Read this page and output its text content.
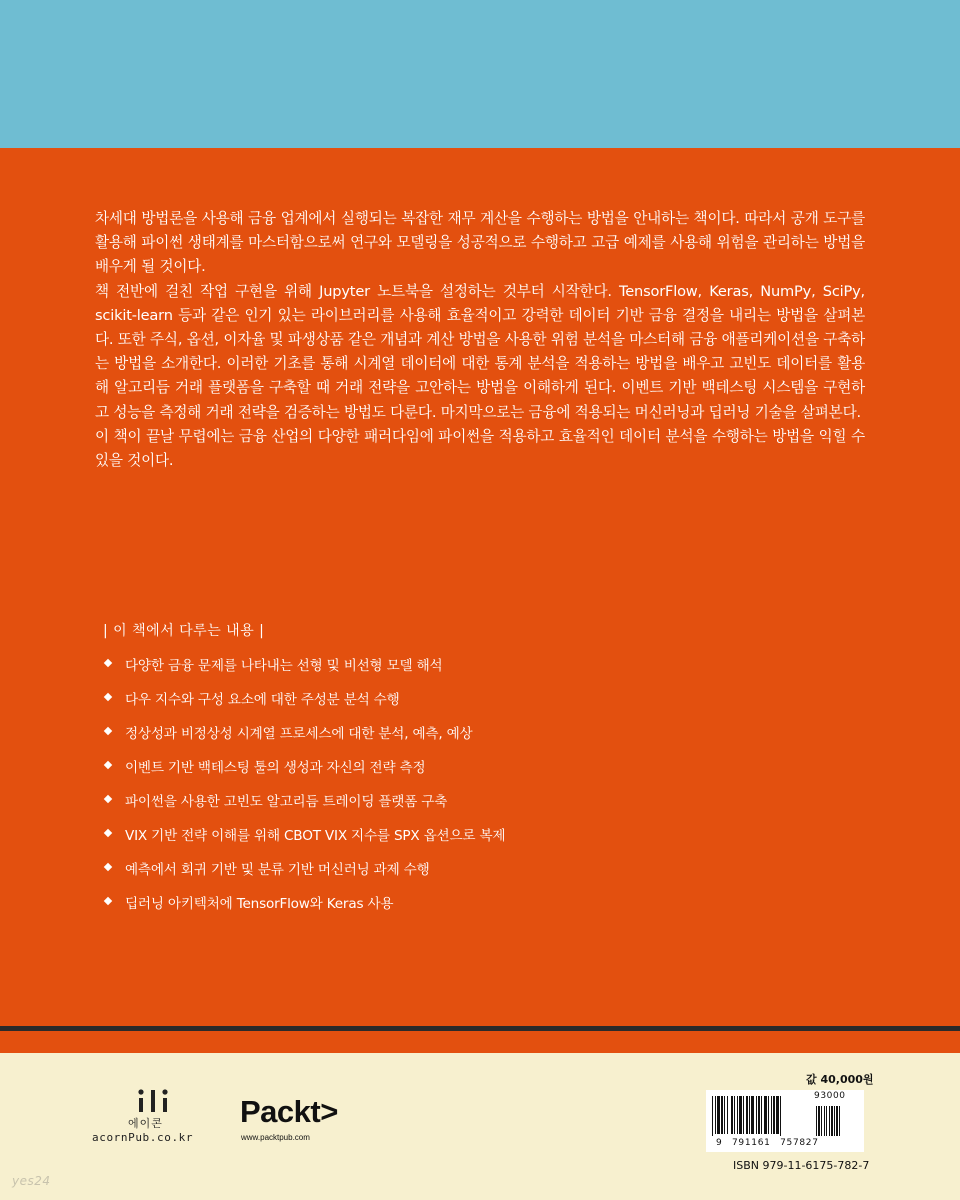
차세대 방법론을 사용해 금융 업계에서 실행되는 복잡한 재무 계산을 수행하는 방법을 안내하는 책이다. 따라서 공개 도구를 활용해 파이썬 생태계를 마스터함으로써 연구와 모델링을 성공적으로 수행하고 고급 예제를 사용해 위험을 관리하는 방법을 배우게 될 것이다.

책 전반에 걸친 작업 구현을 위해 Jupyter 노트북을 설정하는 것부터 시작한다. TensorFlow, Keras, NumPy, SciPy, scikit-learn 등과 같은 인기 있는 라이브러리를 사용해 효율적이고 강력한 데이터 기반 금융 결정을 내리는 방법을 살펴본다. 또한 주식, 옵션, 이자율 및 파생상품 같은 개념과 계산 방법을 사용한 위험 분석을 마스터해 금융 애플리케이션을 구축하는 방법을 소개한다. 이러한 기초를 통해 시계열 데이터에 대한 통계 분석을 적용하는 방법을 배우고 고빈도 데이터를 활용해 알고리듬 거래 플랫폼을 구축할 때 거래 전략을 고안하는 방법을 이해하게 된다. 이벤트 기반 백테스팅 시스템을 구현하고 성능을 측정해 거래 전략을 검증하는 방법도 다룬다. 마지막으로는 금융에 적용되는 머신러닝과 딥러닝 기술을 살펴본다.

이 책이 끝날 무렵에는 금융 산업의 다양한 패러다임에 파이썬을 적용하고 효율적인 데이터 분석을 수행하는 방법을 익힐 수 있을 것이다.

| 이 책에서 다루는 내용 |
다양한 금융 문제를 나타내는 선형 및 비선형 모델 해석
다우 지수와 구성 요소에 대한 주성분 분석 수행
정상성과 비정상성 시계열 프로세스에 대한 분석, 예측, 예상
이벤트 기반 백테스팅 툴의 생성과 자신의 전략 측정
파이썬을 사용한 고빈도 알고리듬 트레이딩 플랫폼 구축
VIX 기반 전략 이해를 위해 CBOT VIX 지수를 SPX 옵션으로 복제
예측에서 회귀 기반 및 분류 기반 머신러닝 과제 수행
딥러닝 아키텍처에 TensorFlow와 Keras 사용
에이콘
acornPub.co.kr
Packt>
www.packtpub.com
값 40,000원
93000
9 791161 757827
ISBN 979-11-6175-782-7
yes24
